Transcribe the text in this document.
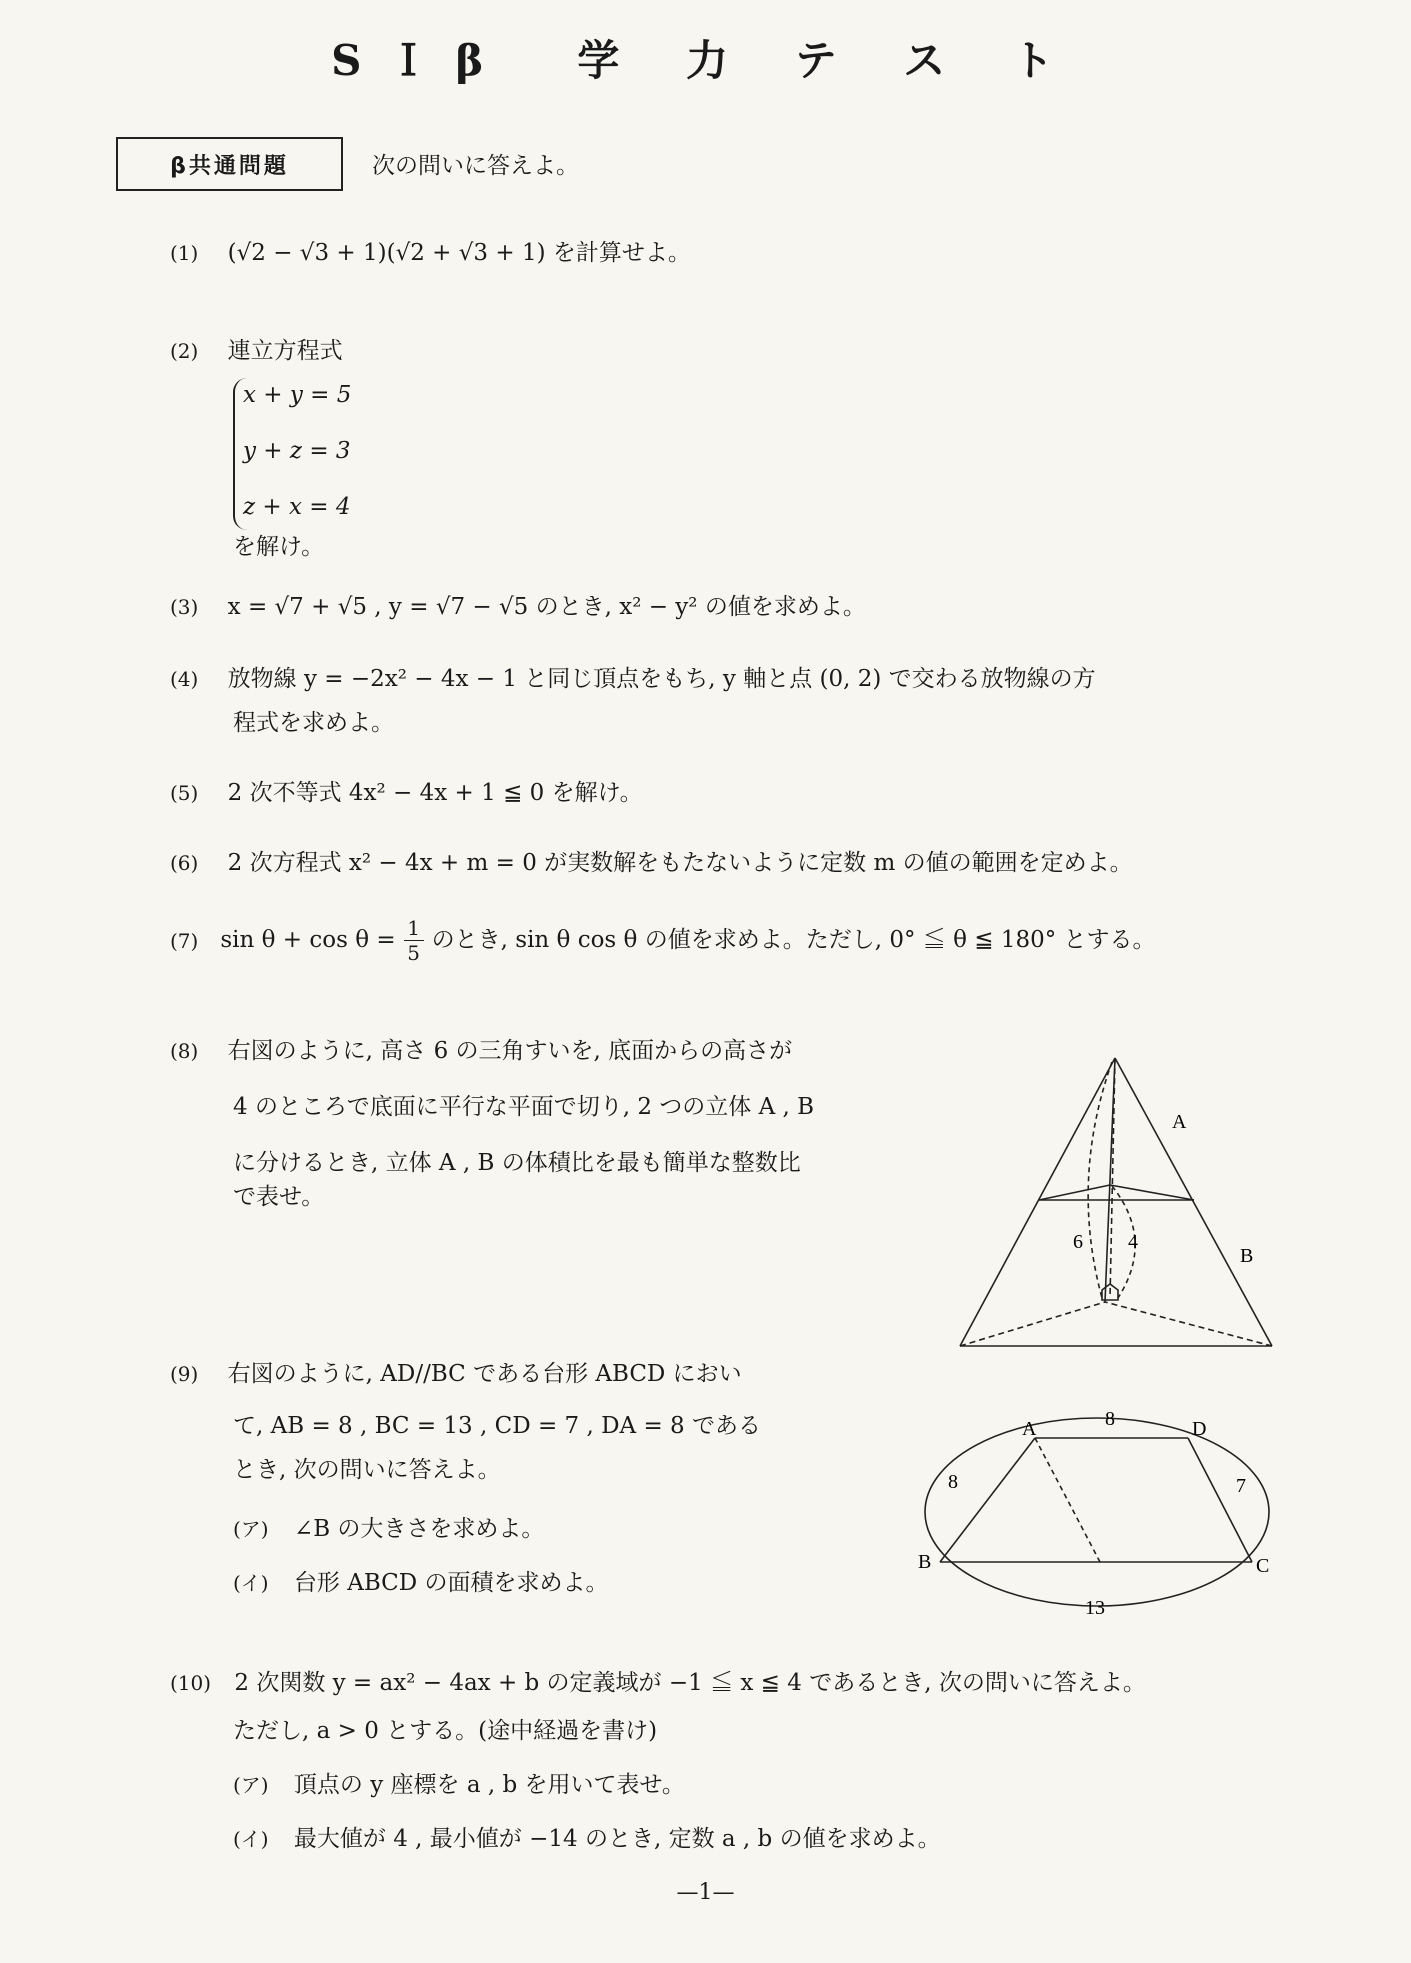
SＩβ　学 力 テ ス ト
β共通問題	次の問いに答えよ。
(1) (√2 − √3 + 1)(√2 + √3 + 1) を計算せよ。
(2) 連立方程式
x + y = 5
y + z = 3
z + x = 4
を解け。
(3) x = √7 + √5 , y = √7 − √5 のとき, x² − y² の値を求めよ。
(4) 放物線 y = −2x² − 4x − 1 と同じ頂点をもち, y 軸と点 (0, 2) で交わる放物線の方
程式を求めよ。
(5) 2 次不等式 4x² − 4x + 1 ≦ 0 を解け。
(6) 2 次方程式 x² − 4x + m = 0 が実数解をもたないように定数 m の値の範囲を定めよ。
(7) $\sin \theta + \cos \theta = \frac{1}{5}$ のとき, sin θ cos θ の値を求めよ。ただし, 0° ≦ θ ≦ 180° とする。
(8) 右図のように, 高さ 6 の三角すいを, 底面からの高さが
4 のところで底面に平行な平面で切り, 2 つの立体 A , B
に分けるとき, 立体 A , B の体積比を最も簡単な整数比
で表せ。
A
B
6 4
(9) 右図のように, AD//BC である台形 ABCD におい
て, AB = 8 , BC = 13 , CD = 7 , DA = 8 である
とき, 次の問いに答えよ。
(ア) ∠B の大きさを求めよ。
(イ) 台形 ABCD の面積を求めよ。
A	D
B	C
8
8	7
13
(10) 2 次関数 y = ax² − 4ax + b の定義域が −1 ≦ x ≦ 4 であるとき, 次の問いに答えよ。
ただし, a > 0 とする。(途中経過を書け)
(ア) 頂点の y 座標を a , b を用いて表せ。
(イ) 最大値が 4 , 最小値が −14 のとき, 定数 a , b の値を求めよ。
—1—
